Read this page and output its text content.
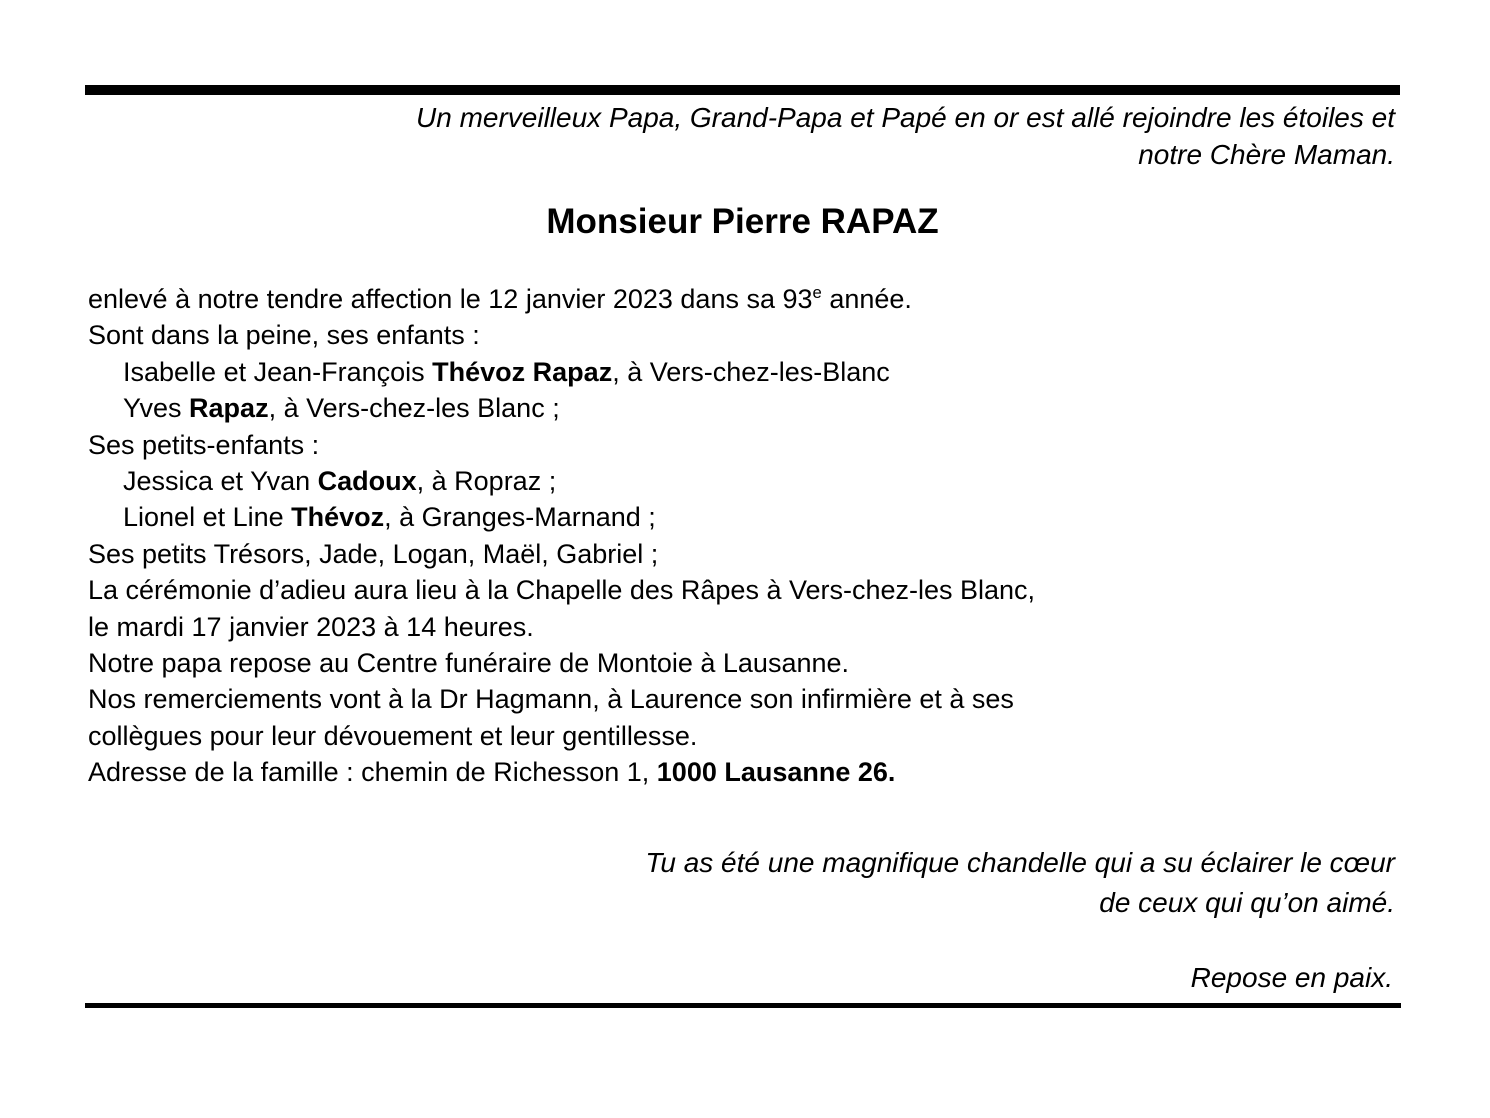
Un merveilleux Papa, Grand-Papa et Papé en or est allé rejoindre les étoiles et
notre Chère Maman.
Monsieur Pierre RAPAZ
enlevé à notre tendre affection le 12 janvier 2023 dans sa 93e année.
Sont dans la peine, ses enfants :
Isabelle et Jean-François Thévoz Rapaz, à Vers-chez-les-Blanc
Yves Rapaz, à Vers-chez-les Blanc ;
Ses petits-enfants :
Jessica et Yvan Cadoux, à Ropraz ;
Lionel et Line Thévoz, à Granges-Marnand ;
Ses petits Trésors, Jade, Logan, Maël, Gabriel ;
La cérémonie d’adieu aura lieu à la Chapelle des Râpes à Vers-chez-les Blanc,
le mardi 17 janvier 2023 à 14 heures.
Notre papa repose au Centre funéraire de Montoie à Lausanne.
Nos remerciements vont à la Dr Hagmann, à Laurence son infirmière et à ses
collègues pour leur dévouement et leur gentillesse.
Adresse de la famille : chemin de Richesson 1, 1000 Lausanne 26.
Tu as été une magnifique chandelle qui a su éclairer le cœur
de ceux qui qu’on aimé.
Repose en paix.
